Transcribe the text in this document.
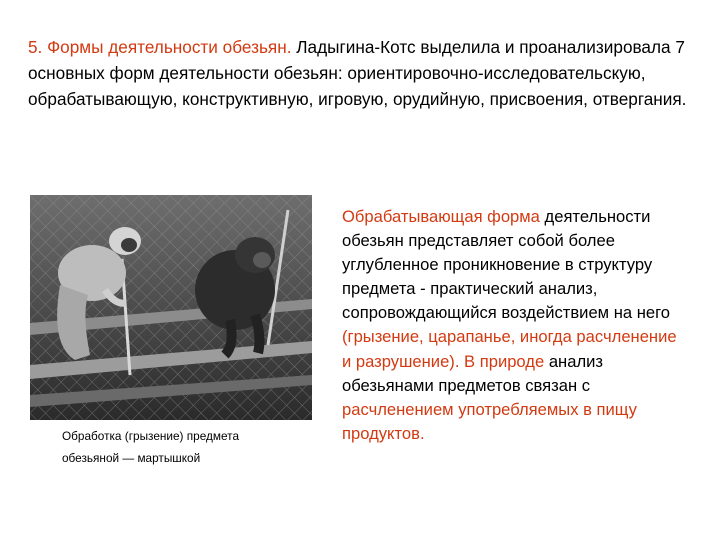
5. Формы деятельности обезьян. Ладыгина-Котс выделила и проанализировала 7 основных форм деятельности обезьян: ориентировочно-исследовательскую, обрабатывающую, конструктивную, игровую, орудийную, присвоения, отвергания.

Обработка (грызение) предмета
обезьяной — мартышкой

Обрабатывающая форма деятельности обезьян представляет собой более углубленное проникновение в структуру предмета - практический анализ, сопровождающийся воздействием на него (грызение, царапанье, иногда расчленение и разрушение). В природе анализ обезьянами предметов связан с расчленением употребляемых в пищу продуктов.
